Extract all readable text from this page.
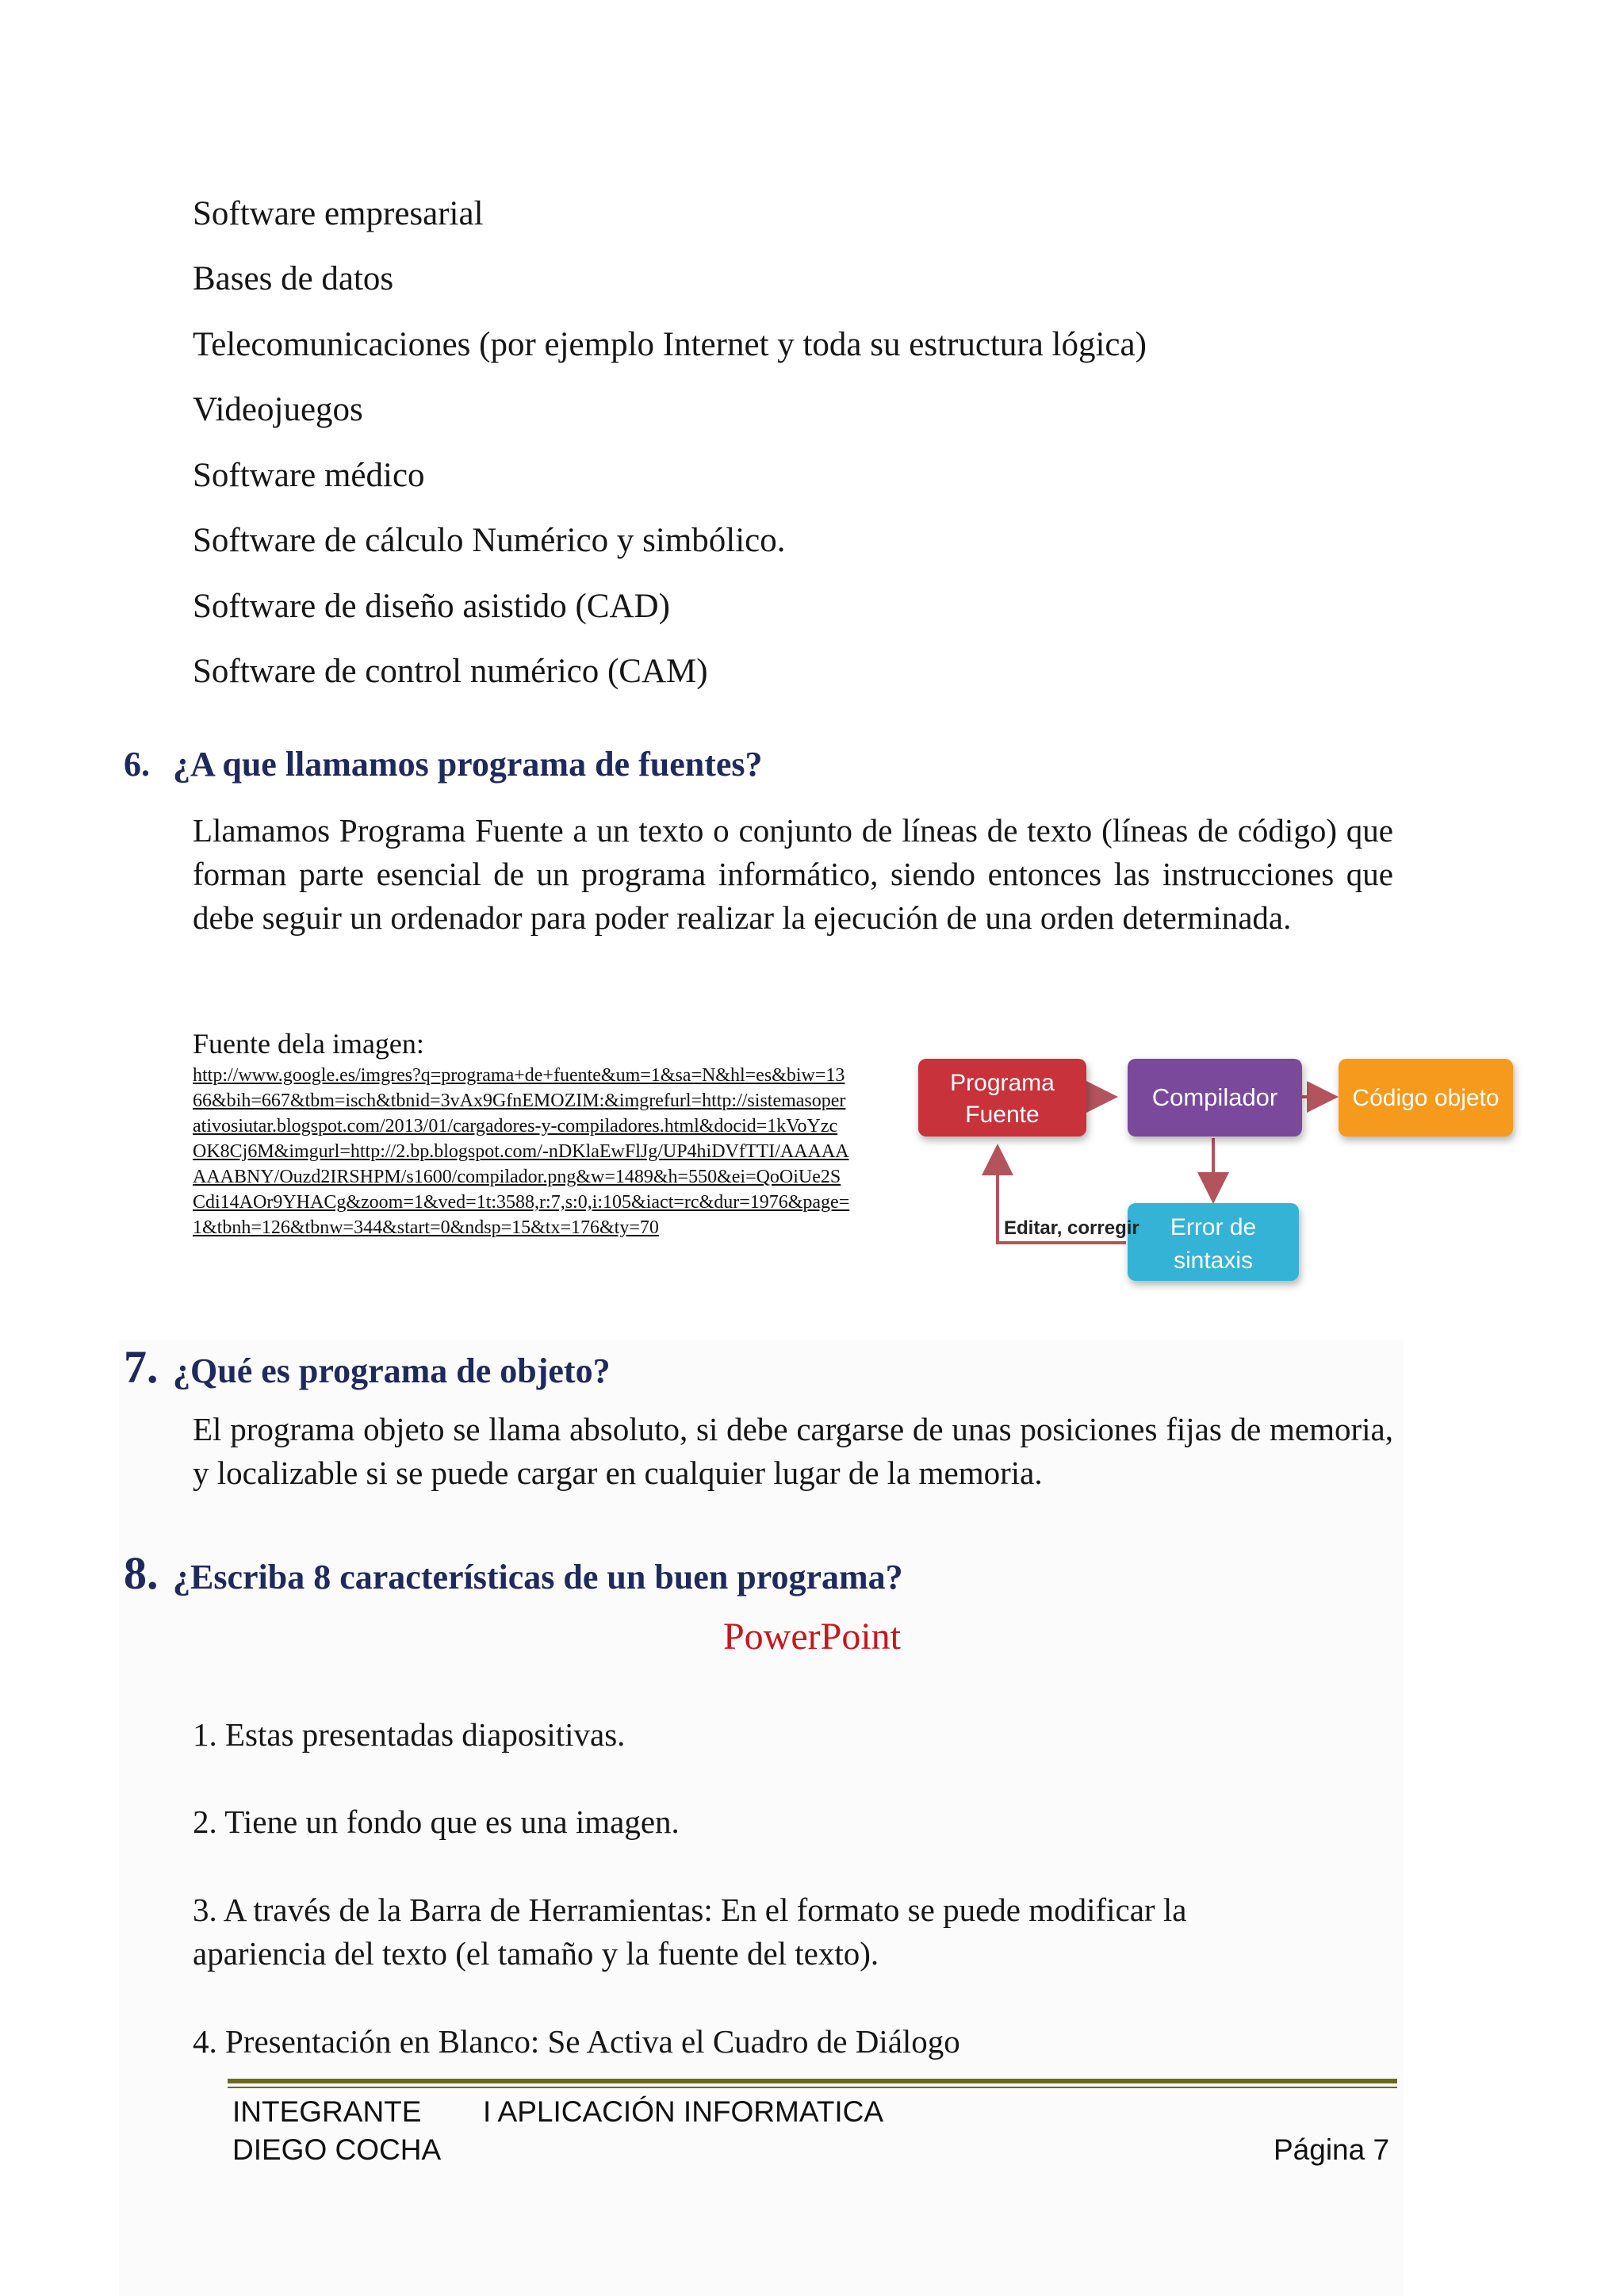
Software empresarial
Bases de datos
Telecomunicaciones (por ejemplo Internet y toda su estructura lógica)
Videojuegos
Software médico
Software de cálculo Numérico y simbólico.
Software de diseño asistido (CAD)
Software de control numérico (CAM)
6. ¿A que llamamos programa de fuentes?
Llamamos Programa Fuente a un texto o conjunto de líneas de texto (líneas de código) que forman parte esencial de un programa informático, siendo entonces las instrucciones que debe seguir un ordenador para poder realizar la ejecución de una orden determinada.
Fuente dela imagen:
http://www.google.es/imgres?q=programa+de+fuente&um=1&sa=N&hl=es&biw=1366&bih=667&tbm=isch&tbnid=3vAx9GfnEMOZIM:&imgrefurl=http://sistemasoperativosiutar.blogspot.com/2013/01/cargadores-y-compiladores.html&docid=1kVoYzcOK8Cj6M&imgurl=http://2.bp.blogspot.com/-nDKlaEwFlJg/UP4hiDVfTTI/AAAAAAAABNY/Ouzd2IRSHPM/s1600/compilador.png&w=1489&h=550&ei=QoOiUe2SCdi14AOr9YHACg&zoom=1&ved=1t:3588,r:7,s:0,i:105&iact=rc&dur=1976&page=1&tbnh=126&tbnw=344&start=0&ndsp=15&tx=176&ty=70
Programa
Fuente
Compilador	Código objeto
Error de
sintaxis
Editar, corregir
7. ¿Qué es programa de objeto?
El programa objeto se llama absoluto, si debe cargarse de unas posiciones fijas de memoria, y localizable si se puede cargar en cualquier lugar de la memoria.
8. ¿Escriba 8 características de un buen programa?
PowerPoint
1. Estas presentadas diapositivas.
2. Tiene un fondo que es una imagen.
3. A través de la Barra de Herramientas: En el formato se puede modificar la apariencia del texto (el tamaño y la fuente del texto).
4. Presentación en Blanco: Se Activa el Cuadro de Diálogo
INTEGRANTE I APLICACIÓN INFORMATICA
DIEGO COCHA	Página 7
